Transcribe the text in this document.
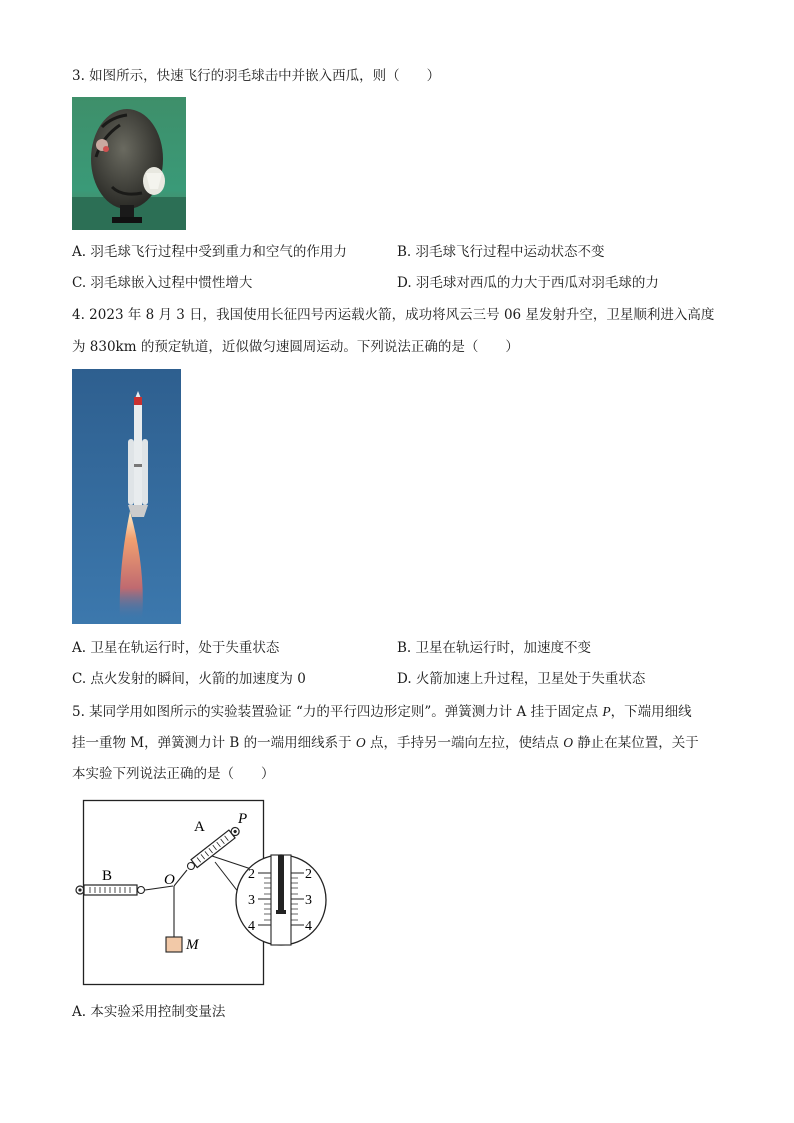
3. 如图所示，快速飞行的羽毛球击中并嵌入西瓜，则（　　）
A. 羽毛球飞行过程中受到重力和空气的作用力	B. 羽毛球飞行过程中运动状态不变
C. 羽毛球嵌入过程中惯性增大	D. 羽毛球对西瓜的力大于西瓜对羽毛球的力
4. 2023 年 8 月 3 日，我国使用长征四号丙运载火箭，成功将风云三号 06 星发射升空，卫星顺利进入高度
为 830km 的预定轨道，近似做匀速圆周运动。下列说法正确的是（　　）
A. 卫星在轨运行时，处于失重状态	B. 卫星在轨运行时，加速度不变
C. 点火发射的瞬间，火箭的加速度为 0	D. 火箭加速上升过程，卫星处于失重状态
5. 某同学用如图所示的实验装置验证 “力的平行四边形定则”。弹簧测力计 A 挂于固定点 P，下端用细线
挂一重物 M，弹簧测力计 B 的一端用细线系于 O 点，手持另一端向左拉，使结点 O 静止在某位置，关于
本实验下列说法正确的是（　　）
B	O
M
A P
2
3
4
2
3
4
A. 本实验采用控制变量法
